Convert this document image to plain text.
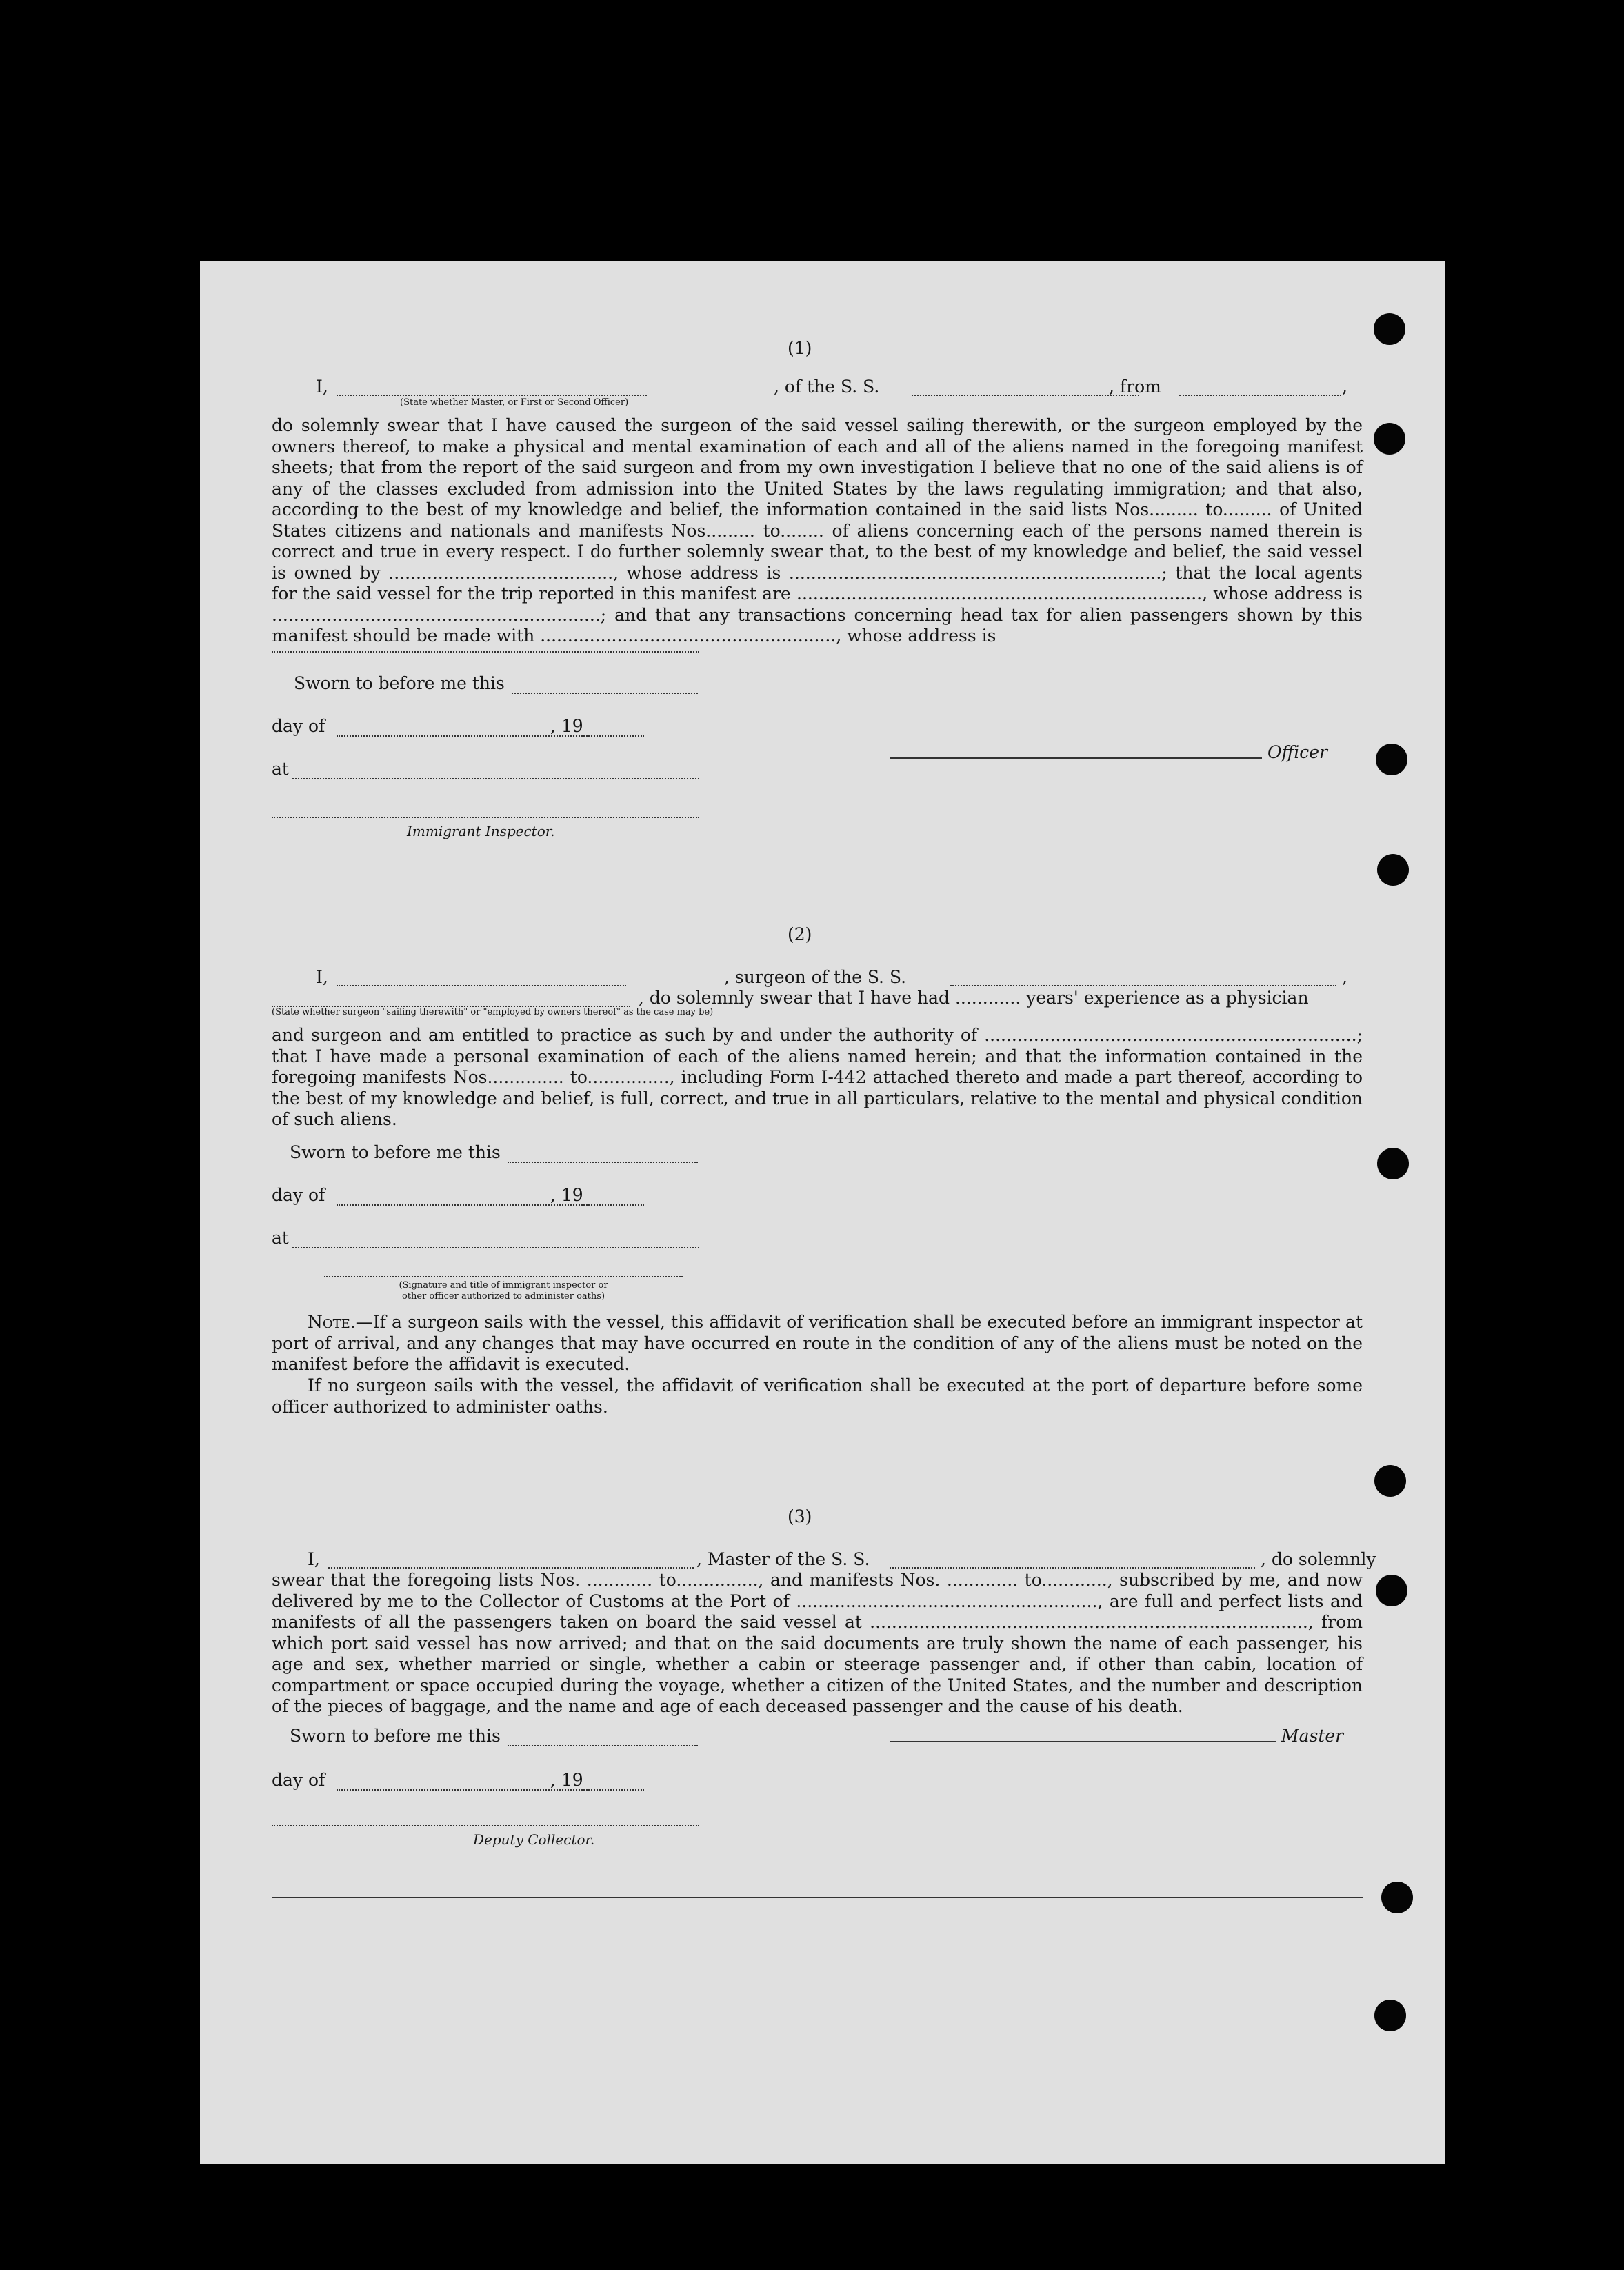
(1)
I,	, of the S. S.	, from	,
(State whether Master, or First or Second Officer)
do solemnly swear that I have caused the surgeon of the said vessel sailing therewith, or the surgeon employed by the owners thereof, to make a physical and mental examination of each and all of the aliens named in the foregoing manifest sheets; that from the report of the said surgeon and from my own investigation I believe that no one of the said aliens is of any of the classes excluded from admission into the United States by the laws regulating immigration; and that also, according to the best of my knowledge and belief, the information contained in the said lists Nos......... to......... of United States citizens and nationals and manifests Nos......... to........ of aliens concerning each of the persons named therein is correct and true in every respect. I do further solemnly swear that, to the best of my knowledge and belief, the said vessel is owned by ........................................., whose address is ....................................................................; that the local agents for the said vessel for the trip reported in this manifest are .........................................................................., whose address is ............................................................; and that any transactions concerning head tax for alien passengers shown by this manifest should be made with ......................................................, whose address is
Sworn to before me this
day of	, 19
at
Officer
Immigrant Inspector.
(2)
I,	, surgeon of the S. S.	,
, do solemnly swear that I have had ............ years' experience as a physician
(State whether surgeon "sailing therewith" or "employed by owners thereof" as the case may be)
and surgeon and am entitled to practice as such by and under the authority of ....................................................................; that I have made a personal examination of each of the aliens named herein; and that the information contained in the foregoing manifests Nos.............. to..............., including Form I-442 attached thereto and made a part thereof, according to the best of my knowledge and belief, is full, correct, and true in all particulars, relative to the mental and physical condition of such aliens.
Sworn to before me this
day of	, 19
at
(Signature and title of immigrant inspector or
other officer authorized to administer oaths)
Note.—If a surgeon sails with the vessel, this affidavit of verification shall be executed before an immigrant inspector at port of arrival, and any changes that may have occurred en route in the condition of any of the aliens must be noted on the manifest before the affidavit is executed.
If no surgeon sails with the vessel, the affidavit of verification shall be executed at the port of departure before some officer authorized to administer oaths.
(3)
I,	, Master of the S. S.	, do solemnly
swear that the foregoing lists Nos. ............ to..............., and manifests Nos. ............. to............, subscribed by me, and now delivered by me to the Collector of Customs at the Port of ......................................................., are full and perfect lists and manifests of all the passengers taken on board the said vessel at ................................................................................, from which port said vessel has now arrived; and that on the said documents are truly shown the name of each passenger, his age and sex, whether married or single, whether a cabin or steerage passenger and, if other than cabin, location of compartment or space occupied during the voyage, whether a citizen of the United States, and the number and description of the pieces of baggage, and the name and age of each deceased passenger and the cause of his death.
Sworn to before me this	Master
day of	, 19
Deputy Collector.
